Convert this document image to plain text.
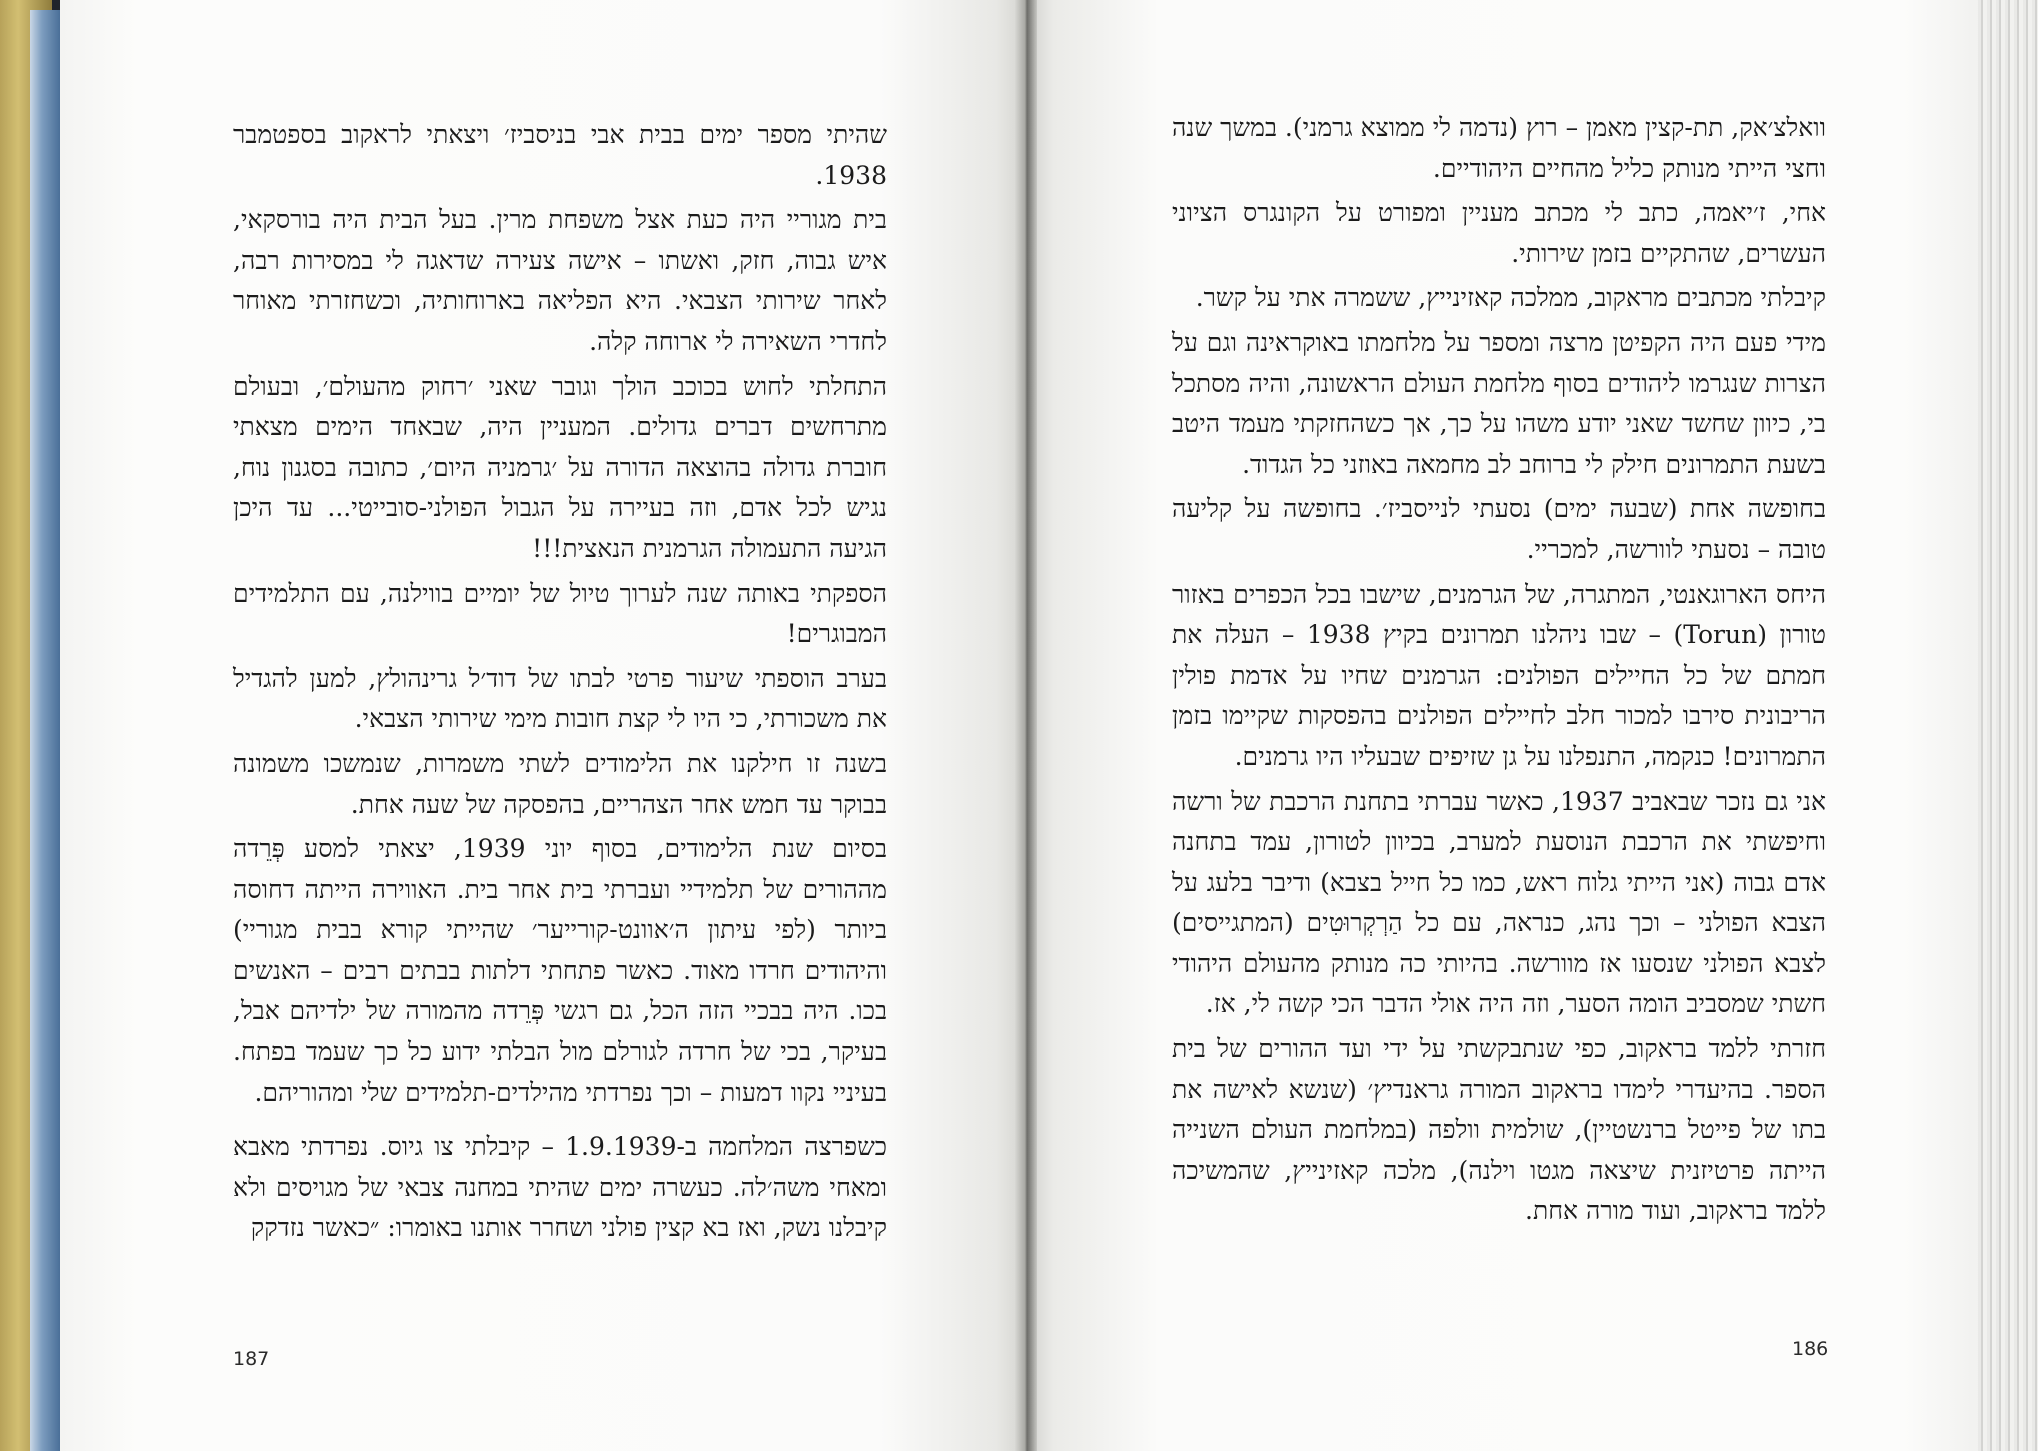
שהיתי מספר ימים בבית אבי בניסביז׳ ויצאתי לראקוב בספטמבר 1938.

בית מגוריי היה כעת אצל משפחת מרין. בעל הבית היה בורסקאי, איש גבוה, חזק, ואשתו – אישה צעירה שדאגה לי במסירות רבה, לאחר שירותי הצבאי. היא הפליאה בארוחותיה, וכשחזרתי מאוחר לחדרי השאירה לי ארוחה קלה.

התחלתי לחוש בכוכב הולך וגובר שאני ׳רחוק מהעולם׳, ובעולם מתרחשים דברים גדולים. המעניין היה, שבאחד הימים מצאתי חוברת גדולה בהוצאה הדורה על ׳גרמניה היום׳, כתובה בסגנון נוח, נגיש לכל אדם, וזה בעיירה על הגבול הפולני-סובייטי... עד היכן הגיעה התעמולה הגרמנית הנאצית!!!

הספקתי באותה שנה לערוך טיול של יומיים בווילנה, עם התלמידים המבוגרים!

בערב הוספתי שיעור פרטי לבתו של דוד׳ל גרינהולץ, למען להגדיל את משכורתי, כי היו לי קצת חובות מימי שירותי הצבאי.

בשנה זו חילקנו את הלימודים לשתי משמרות, שנמשכו משמונה בבוקר עד חמש אחר הצהריים, בהפסקה של שעה אחת.

בסיום שנת הלימודים, בסוף יוני 1939, יצאתי למסע פְּרֵדה מההורים של תלמידיי ועברתי בית אחר בית. האווירה הייתה דחוסה ביותר (לפי עיתון ה׳אוונט-קורייער׳ שהייתי קורא בבית מגוריי) והיהודים חרדו מאוד. כאשר פתחתי דלתות בבתים רבים – האנשים בכו. היה בבכיי הזה הכל, גם רגשי פְּרֵדה מהמורה של ילדיהם אבל, בעיקר, בכי של חרדה לגורלם מול הבלתי ידוע כל כך שעמד בפתח. בעיניי נקוו דמעות – וכך נפרדתי מהילדים-תלמידים שלי ומהוריהם.

כשפרצה המלחמה ב-1.9.1939 – קיבלתי צו גיוס. נפרדתי מאבא ומאחי משה׳לה. כעשרה ימים שהיתי במחנה צבאי של מגויסים ולא קיבלנו נשק, ואז בא קצין פולני ושחרר אותנו באומרו: ״כאשר נזדקק

187

וואלצ׳אק, תת-קצין מאמן – רוץ (נדמה לי ממוצא גרמני). במשך שנה וחצי הייתי מנותק כליל מהחיים היהודיים.

אחי, ז׳יאמה, כתב לי מכתב מעניין ומפורט על הקונגרס הציוני העשרים, שהתקיים בזמן שירותי.

קיבלתי מכתבים מראקוב, ממלכה קאזינייץ, ששמרה אתי על קשר.

מידי פעם היה הקפיטן מרצה ומספר על מלחמתו באוקראינה וגם על הצרות שנגרמו ליהודים בסוף מלחמת העולם הראשונה, והיה מסתכל בי, כיוון שחשד שאני יודע משהו על כך, אך כשהחזקתי מעמד היטב בשעת התמרונים חילק לי ברוחב לב מחמאה באוזני כל הגדוד.

בחופשה אחת (שבעה ימים) נסעתי לנייסביז׳. בחופשה על קליעה טובה – נסעתי לוורשה, למכריי.

היחס הארוגאנטי, המתגרה, של הגרמנים, שישבו בכל הכפרים באזור טורון (Torun) – שבו ניהלנו תמרונים בקיץ 1938 – העלה את חמתם של כל החיילים הפולנים: הגרמנים שחיו על אדמת פולין הריבונית סירבו למכור חלב לחיילים הפולנים בהפסקות שקיימו בזמן התמרונים! כנקמה, התנפלנו על גן שזיפים שבעליו היו גרמנים.

אני גם נזכר שבאביב 1937, כאשר עברתי בתחנת הרכבת של ורשה וחיפשתי את הרכבת הנוסעת למערב, בכיוון לטורון, עמד בתחנה אדם גבוה (אני הייתי גלוח ראש, כמו כל חייל בצבא) ודיבר בלעג על הצבא הפולני – וכך נהג, כנראה, עם כל הַרְקְרוּטִים (המתגייסים) לצבא הפולני שנסעו אז מוורשה. בהיותי כה מנותק מהעולם היהודי חשתי שמסביב הומה הסער, וזה היה אולי הדבר הכי קשה לי, אז.

חזרתי ללמד בראקוב, כפי שנתבקשתי על ידי ועד ההורים של בית הספר. בהיעדרי לימדו בראקוב המורה גראנדיץ׳ (שנשא לאישה את בתו של פייטל ברנשטיין), שולמית וולפה (במלחמת העולם השנייה הייתה פרטיזנית שיצאה מגטו וילנה), מלכה קאזינייץ, שהמשיכה ללמד בראקוב, ועוד מורה אחת.

186
